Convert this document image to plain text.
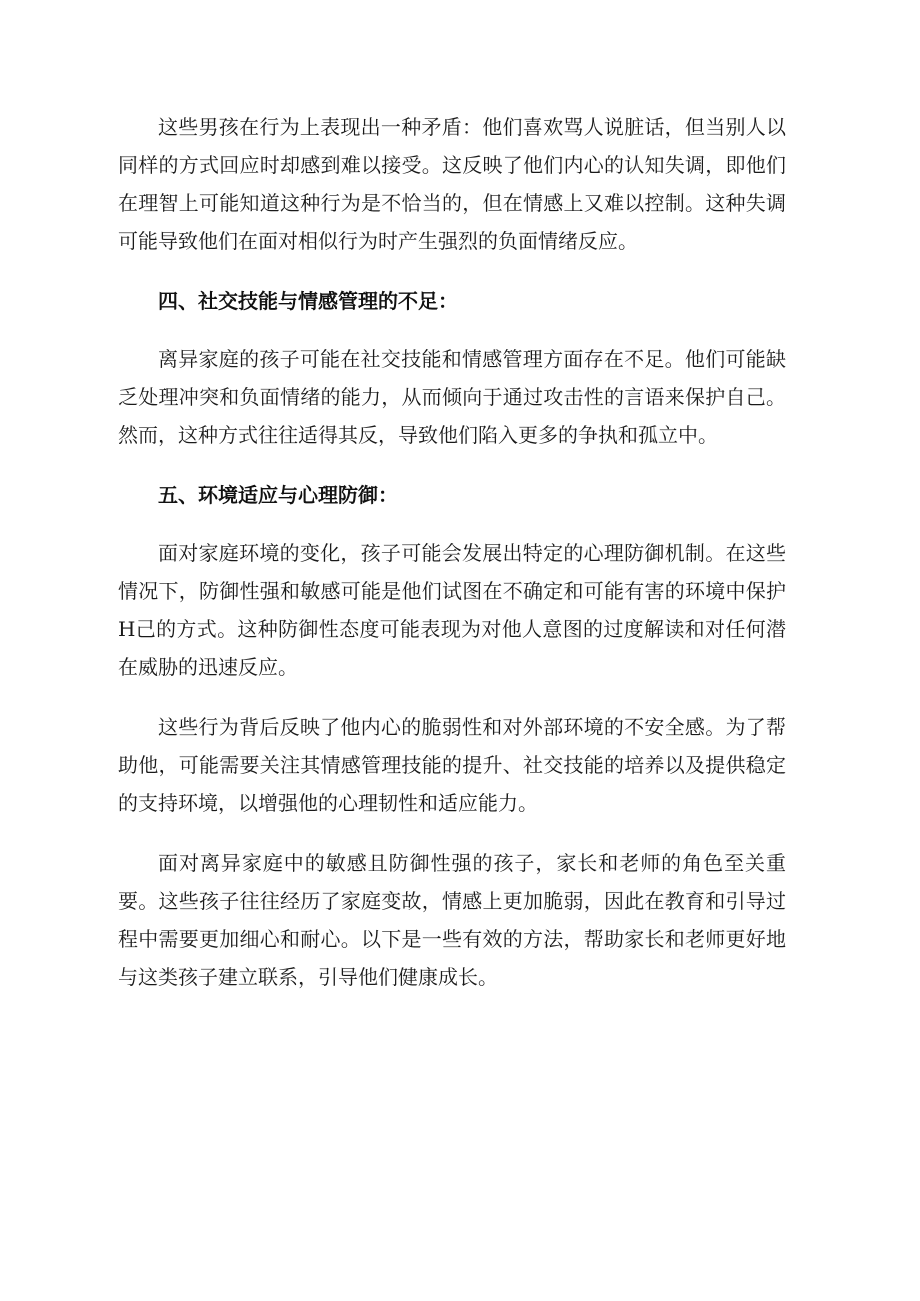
这些男孩在行为上表现出一种矛盾：他们喜欢骂人说脏话，但当别人以同样的方式回应时却感到难以接受。这反映了他们内心的认知失调，即他们在理智上可能知道这种行为是不恰当的，但在情感上又难以控制。这种失调可能导致他们在面对相似行为时产生强烈的负面情绪反应。

四、社交技能与情感管理的不足：

离异家庭的孩子可能在社交技能和情感管理方面存在不足。他们可能缺乏处理冲突和负面情绪的能力，从而倾向于通过攻击性的言语来保护自己。然而，这种方式往往适得其反，导致他们陷入更多的争执和孤立中。

五、环境适应与心理防御：

面对家庭环境的变化，孩子可能会发展出特定的心理防御机制。在这些情况下，防御性强和敏感可能是他们试图在不确定和可能有害的环境中保护H己的方式。这种防御性态度可能表现为对他人意图的过度解读和对任何潜在威胁的迅速反应。

这些行为背后反映了他内心的脆弱性和对外部环境的不安全感。为了帮助他，可能需要关注其情感管理技能的提升、社交技能的培养以及提供稳定的支持环境，以增强他的心理韧性和适应能力。

面对离异家庭中的敏感且防御性强的孩子，家长和老师的角色至关重要。这些孩子往往经历了家庭变故，情感上更加脆弱，因此在教育和引导过程中需要更加细心和耐心。以下是一些有效的方法，帮助家长和老师更好地与这类孩子建立联系，引导他们健康成长。
